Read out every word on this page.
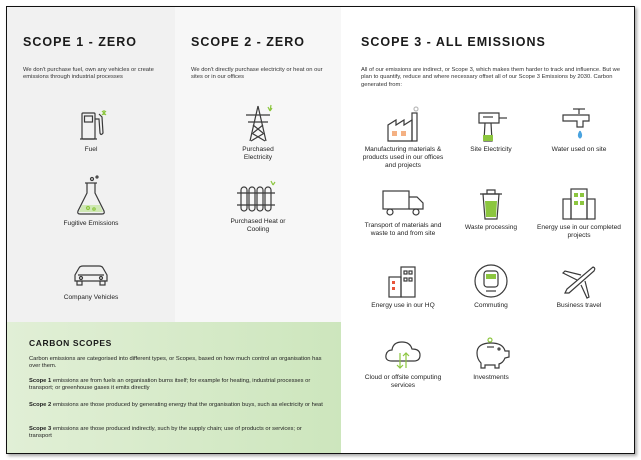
SCOPE 1 - ZERO
We don't purchase fuel, own any vehicles or create emissions through industrial processes
Fuel
Fugitive Emissions
Company Vehicles
SCOPE 2 - ZERO
We don't directly purchase electricity or heat on our sites or in our offices
Purchased Electricity
Purchased Heat or Cooling
SCOPE 3 - ALL EMISSIONS
All of our emissions are indirect, or Scope 3, which makes them harder to track and influence. But we plan to quantify, reduce and where necessary offset all of our Scope 3 Emissions by 2030. Carbon generated from:
Manufacturing materials & products used in our offices and projects
Site Electricity	Water used on site
Transport of materials and waste to and from site
Waste processing	Energy use in our completed projects
Energy use in our HQ	Commuting	Business travel
Cloud or offsite computing services
Investments
CARBON SCOPES

Carbon emissions are categorised into different types, or Scopes, based on how much control an organisation has over them.

Scope 1 emissions are from fuels an organisation burns itself; for example for heating, industrial processes or transport; or greenhouse gases it emits directly

Scope 2 emissions are those produced by generating energy that the organisation buys, such as electricity or heat

Scope 3 emissions are those produced indirectly, such by the supply chain; use of products or services; or transport
